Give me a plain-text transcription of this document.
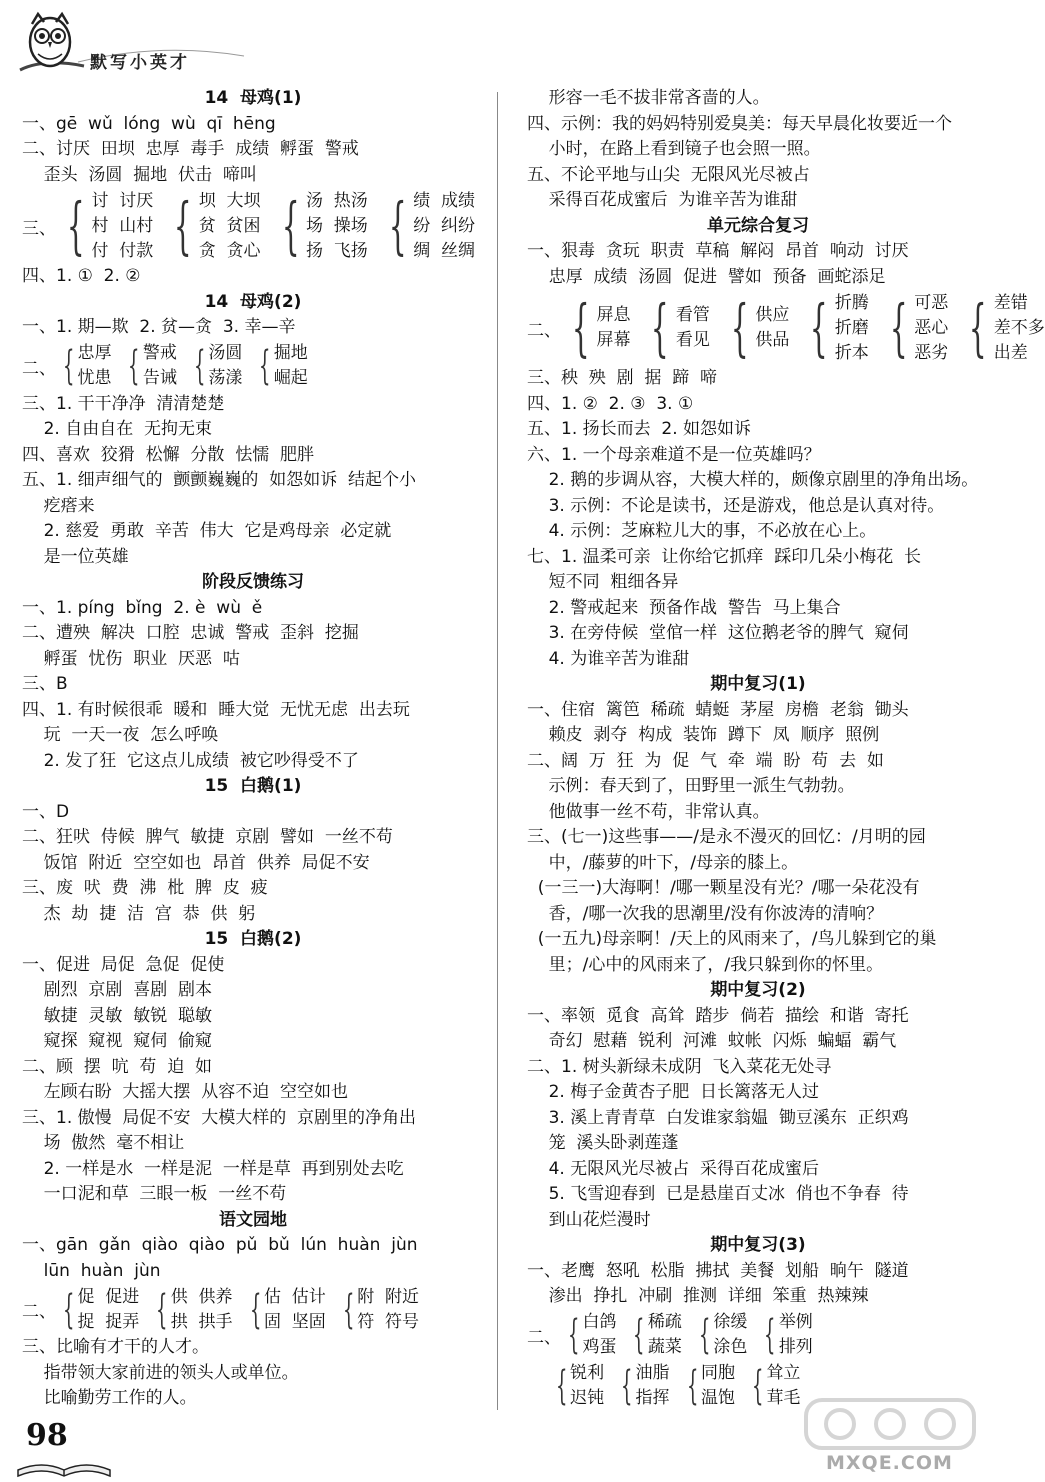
默写小英才
14  母鸡(1)
一、gē  wǔ  lóng  wù  qī  hēng
二、讨厌  田坝  忠厚  毒手  成绩  孵蛋  警戒
歪头  汤圆  掘地  伏击  啼叫
三、 { 讨  讨厌
村  山村
付  付款 { 坝  大坝
贫  贫困
贪  贪心 { 汤  热汤
场  操场
扬  飞扬 { 绩  成绩
纷  纠纷
绸  丝绸
四、1. ①  2. ②
14  母鸡(2)
一、1. 期—欺  2. 贫—贪  3. 幸—辛
二、 { 忠厚
忧患 { 警戒
告诫 { 汤圆
荡漾 { 掘地
崛起
三、1. 干干净净  清清楚楚
2. 自由自在  无拘无束
四、喜欢  狡猾  松懈  分散  怯懦  肥胖
五、1. 细声细气的  颤颤巍巍的  如怨如诉  结起个小
疙瘩来
2. 慈爱  勇敢  辛苦  伟大  它是鸡母亲  必定就
是一位英雄
阶段反馈练习
一、1. píng  bǐng  2. è  wù  ě
二、遭殃  解决  口腔  忠诚  警戒  歪斜  挖掘
孵蛋  忧伤  职业  厌恶  咕
三、B
四、1. 有时候很乖  暖和  睡大觉  无忧无虑  出去玩
玩  一天一夜  怎么呼唤
2. 发了狂  它这点儿成绩  被它吵得受不了
15  白鹅(1)
一、D
二、狂吠  侍候  脾气  敏捷  京剧  譬如  一丝不苟
饭馆  附近  空空如也  昂首  供养  局促不安
三、废  吠  费  沸  枇  脾  皮  疲
杰  劫  捷  洁  宫  恭  供  躬
15  白鹅(2)
一、促进  局促  急促  促使
剧烈  京剧  喜剧  剧本
敏捷  灵敏  敏锐  聪敏
窥探  窥视  窥伺  偷窥
二、顾  摆  吭  苟  迫  如
左顾右盼  大摇大摆  从容不迫  空空如也
三、1. 傲慢  局促不安  大模大样的  京剧里的净角出
场  傲然  毫不相让
2. 一样是水  一样是泥  一样是草  再到别处去吃
一口泥和草  三眼一板  一丝不苟
语文园地
一、gān  gǎn  qiào  qiào  pǔ  bǔ  lún  huàn  jùn
lūn  huàn  jùn
二、 { 促  促进
捉  捉弄 { 供  供养
拱  拱手 { 估  估计
固  坚固 { 附  附近
符  符号
三、比喻有才干的人才。
指带领大家前进的领头人或单位。
比喻勤劳工作的人。
形容一毛不拔非常吝啬的人。
四、示例：我的妈妈特别爱臭美：每天早晨化妆要近一个
小时，在路上看到镜子也会照一照。
五、不论平地与山尖  无限风光尽被占
采得百花成蜜后  为谁辛苦为谁甜
单元综合复习
一、狠毒  贪玩  职责  草稿  解闷  昂首  响动  讨厌
忠厚  成绩  汤圆  促进  譬如  预备  画蛇添足
二、 { 屏息
屏幕 { 看管
看见 { 供应
供品 { 折腾
折磨
折本 { 可恶
恶心
恶劣 { 差错
差不多
出差
三、秧  殃  剧  据  蹄  啼
四、1. ②  2. ③  3. ①
五、1. 扬长而去  2. 如怨如诉
六、1. 一个母亲难道不是一位英雄吗？
2. 鹅的步调从容，大模大样的，颇像京剧里的净角出场。
3. 示例：不论是读书，还是游戏，他总是认真对待。
4. 示例：芝麻粒儿大的事，不必放在心上。
七、1. 温柔可亲  让你给它抓痒  踩印几朵小梅花  长
短不同  粗细各异
2. 警戒起来  预备作战  警告  马上集合
3. 在旁侍候  堂倌一样  这位鹅老爷的脾气  窥伺
4. 为谁辛苦为谁甜
期中复习(1)
一、住宿  篱笆  稀疏  蜻蜓  茅屋  房檐  老翁  锄头
赖皮  剥夺  构成  装饰  蹲下  凤  顺序  照例
二、阔  万  狂  为  促  气  牵  端  盼  苟  去  如
示例：春天到了，田野里一派生气勃勃。
他做事一丝不苟，非常认真。
三、(七一)这些事——/是永不漫灭的回忆：/月明的园
中，/藤萝的叶下，/母亲的膝上。
(一三一)大海啊！/哪一颗星没有光？/哪一朵花没有
香，/哪一次我的思潮里/没有你波涛的清响？
(一五九)母亲啊！/天上的风雨来了，/鸟儿躲到它的巢
里；/心中的风雨来了，/我只躲到你的怀里。
期中复习(2)
一、率领  觅食  高耸  踏步  倘若  描绘  和谐  寄托
奇幻  慰藉  锐利  河滩  蚊帐  闪烁  蝙蝠  霸气
二、1. 树头新绿未成阴  飞入菜花无处寻
2. 梅子金黄杏子肥  日长篱落无人过
3. 溪上青青草  白发谁家翁媪  锄豆溪东  正织鸡
笼  溪头卧剥莲蓬
4. 无限风光尽被占  采得百花成蜜后
5. 飞雪迎春到  已是悬崖百丈冰  俏也不争春  待
到山花烂漫时
期中复习(3)
一、老鹰  怒吼  松脂  拂拭  美餐  划船  晌午  隧道
渗出  挣扎  冲刷  推测  详细  笨重  热辣辣
二、 { 白鸽
鸡蛋 { 稀疏
蔬菜 { 徐缓
涂色 { 举例
排列

{ 锐利
迟钝 { 油脂
指挥 { 同胞
温饱 { 耸立
茸毛
MXQE.COM
98
